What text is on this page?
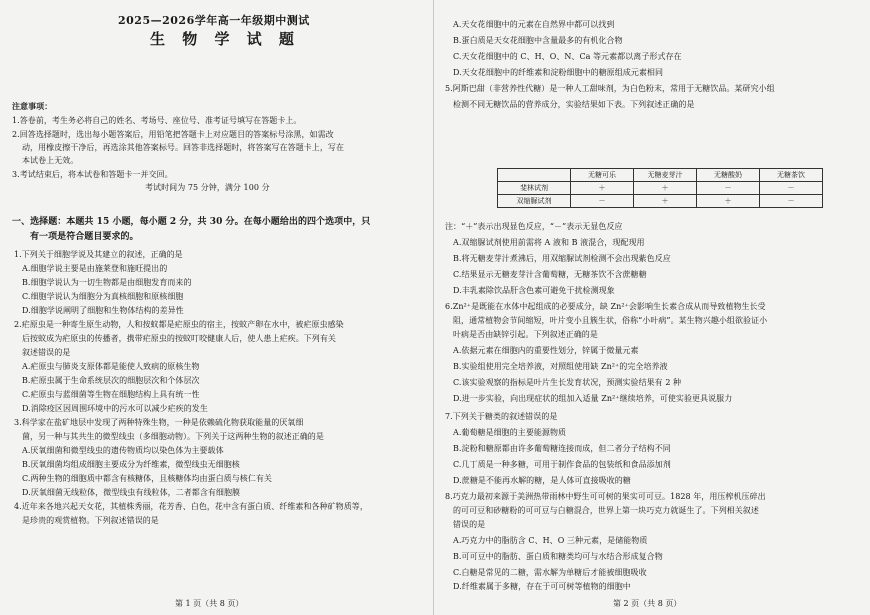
2025—2026学年高一年级期中测试
生 物 学 试 题
注意事项：
1.答卷前，考生务必将自己的姓名、考场号、座位号、准考证号填写在答题卡上。
2.回答选择题时，选出每小题答案后，用铅笔把答题卡上对应题目的答案标号涂黑，如需改
动，用橡皮擦干净后，再选涂其他答案标号。回答非选择题时，将答案写在答题卡上，写在
本试卷上无效。
3.考试结束后，将本试卷和答题卡一并交回。
考试时间为 75 分钟，满分 100 分
一、选择题：本题共 15 小题，每小题 2 分，共 30 分。在每小题给出的四个选项中，只
有一项是符合题目要求的。
1.下列关于细胞学说及其建立的叙述，正确的是
A.细胞学说主要是由施莱登和施旺提出的
B.细胞学说认为一切生物都是由细胞发育而来的
C.细胞学说认为细胞分为真核细胞和原核细胞
D.细胞学说阐明了细胞和生物体结构的差异性
2.疟原虫是一种寄生原生动物，人和按蚊都是疟原虫的宿主，按蚊产卵在水中，被疟原虫感染
后按蚊成为疟原虫的传播者，携带疟原虫的按蚊叮咬健康人后，使人患上疟疾。下列有关
叙述错误的是
A.疟原虫与肺炎支原体都是能使人致病的原核生物
B.疟原虫属于生命系统层次的细胞层次和个体层次
C.疟原虫与蓝细菌等生物在细胞结构上具有统一性
D.消除疫区因周围环境中的污水可以减少疟疾的发生
3.科学家在盐矿地层中发现了两种特殊生物，一种是依赖硫化物获取能量的厌氧细
菌，另一种与其共生的微型线虫（多细胞动物）。下列关于这两种生物的叙述正确的是
A.厌氧细菌和微型线虫的遗传物质均以染色体为主要载体
B.厌氧细菌均组成细胞主要成分为纤维素，微型线虫无细胞核
C.两种生物的细胞质中都含有核糖体，且核糖体均由蛋白质与核仁有关
D.厌氧细菌无线粒体，微型线虫有线粒体，二者都含有细胞膜
4.近年来各地兴起天女花，其植株秀丽，花芳香、白色，花中含有蛋白质、纤维素和各种矿物质等，
是珍贵的观赏植物。下列叙述错误的是
第 1 页（共 8 页）
A.天女花细胞中的元素在自然界中都可以找到
B.蛋白质是天女花细胞中含量最多的有机化合物
C.天女花细胞中的 C、H、O、N、Ca 等元素都以离子形式存在
D.天女花细胞中的纤维素和淀粉细胞中的糖原组成元素相同
5.阿斯巴甜（非营养性代糖）是一种人工甜味剂，为白色粉末，常用于无糖饮品。某研究小组
检测不同无糖饮品的营养成分，实验结果如下表。下列叙述正确的是
	无糖可乐	无糖麦芽汁	无糖酸奶	无糖茶饮
斐林试剂	＋	＋	－	－
双缩脲试剂	－	＋	＋	－
注：“＋”表示出现显色反应，“－”表示无显色反应
A.双缩脲试剂使用前需将 A 液和 B 液混合，现配现用
B.将无糖麦芽汁煮沸后，用双缩脲试剂检测不会出现紫色反应
C.结果显示无糖麦芽汁含葡萄糖，无糖茶饮不含蔗糖糖
D.丰乳素除饮品肝含色素可避免干扰检测现象
6.Zn²⁺是既能在水体中起组成的必要成分，缺 Zn²⁺会影响生长素合成从而导致植物生长受
阻，通常植物会节间缩短，叶片变小且簇生状，俗称“小叶病”。某生物兴趣小组欲验证小
叶病是否由缺锌引起。下列叙述正确的是
A.依据元素在细胞内的重要性划分，锌属于微量元素
B.实验组使用完全培养液，对照组使用缺 Zn²⁺的完全培养液
C.该实验观察的指标是叶片生长发育状况，预测实验结果有 2 种
D.进一步实验，向出现症状的组加入适量 Zn²⁺继续培养，可使实验更具说服力
7.下列关于糖类的叙述错误的是
A.葡萄糖是细胞的主要能源物质
B.淀粉和糖原都由许多葡萄糖连接而成，但二者分子结构不同
C.几丁质是一种多糖，可用于制作食品的包装纸和食品添加剂
D.蔗糖是不能再水解的糖，是人体可直接吸收的糖
8.巧克力最初来源于美洲热带雨林中野生可可树的果实可可豆。1828 年，用压榨机压碎出
的可可豆和砂糖粉的可可豆与白糖混合，世界上第一块巧克力就诞生了。下列相关叙述
错误的是
A.巧克力中的脂肪含 C、H、O 三种元素，是储能物质
B.可可豆中的脂肪、蛋白质和糖类均可与水结合形成复合物
C.白糖是常见的二糖，需水解为单糖后才能被细胞吸收
D.纤维素属于多糖，存在于可可树等植物的细胞中
第 2 页（共 8 页）
